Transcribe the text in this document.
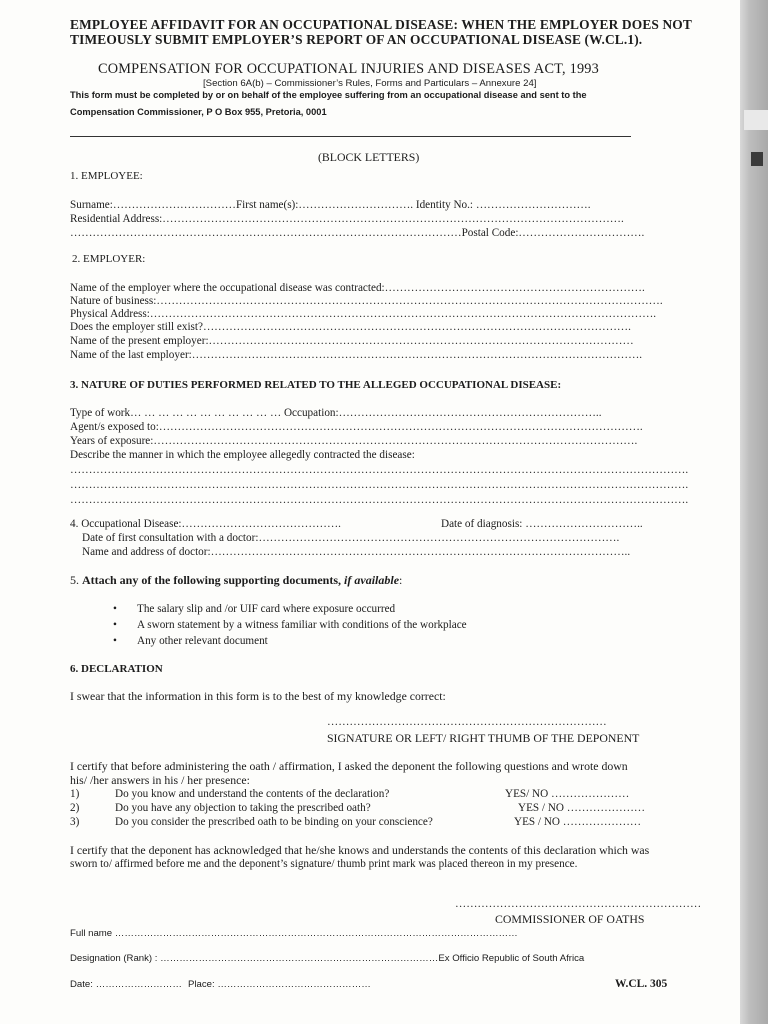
EMPLOYEE AFFIDAVIT FOR AN OCCUPATIONAL DISEASE: WHEN THE EMPLOYER DOES NOT
TIMEOUSLY SUBMIT EMPLOYER’S REPORT OF AN OCCUPATIONAL DISEASE (W.CL.1).
COMPENSATION FOR OCCUPATIONAL INJURIES AND DISEASES ACT, 1993
[Section 6A(b) – Commissioner’s Rules, Forms and Particulars – Annexure 24]
This form must be completed by or on behalf of the employee suffering from an occupational disease and sent to the
Compensation Commissioner, P O Box 955, Pretoria, 0001
(BLOCK LETTERS)
1. EMPLOYEE:
Surname:……………………………First name(s):…………………………. Identity No.: ………………………….
Residential Address:…………………………………………………………………………………………………………….
……………………………………………………………………………………………Postal Code:…………………………….
2. EMPLOYER:
Name of the employer where the occupational disease was contracted:…………………………………………………………….
Nature of business:……………………………………………………………………………………………………………………….
Physical Address:……………………………………………………………………………………………………………………….
Does the employer still exist?…………………………………………………………………………………………………….
Name of the present employer:……………………………………………………………………………………………………
Name of the last employer:………………………………………………………………………………………………………….
3. NATURE OF DUTIES PERFORMED RELATED TO THE ALLEGED OCCUPATIONAL DISEASE:
Type of work… … … … … … … … … … … Occupation:……………………………………………………………..
Agent/s exposed to:………………………………………………………………………………………………………………….
Years of exposure:………………………………………………………………………………………………………………….
Describe the manner in which the employee allegedly contracted the disease:
………………………………………………………………………………………………………………………………………………….
………………………………………………………………………………………………………………………………………………….
………………………………………………………………………………………………………………………………………………….
4. Occupational Disease:…………………………………….	Date of diagnosis: …………………………..
Date of first consultation with a doctor:…………………………………………………………………………………….
Name and address of doctor:…………………………………………………………………………………………………..
5. Attach any of the following supporting documents, if available:
• The salary slip and /or UIF card where exposure occurred
• A sworn statement by a witness familiar with conditions of the workplace
• Any other relevant document
6. DECLARATION
I swear that the information in this form is to the best of my knowledge correct:
…………………………………………………………………
SIGNATURE OR LEFT/ RIGHT THUMB OF THE DEPONENT
I certify that before administering the oath / affirmation, I asked the deponent the following questions and wrote down
his/ /her answers in his / her presence:
1)	Do you know and understand the contents of the declaration?	YES/ NO …………………
2)	Do you have any objection to taking the prescribed oath?	YES / NO …………………
3)	Do you consider the prescribed oath to be binding on your conscience?	YES / NO …………………
I certify that the deponent has acknowledged that he/she knows and understands the contents of this declaration which was
sworn to/ affirmed before me and the deponent’s signature/ thumb print mark was placed thereon in my presence.
…………………………………………………………
COMMISSIONER OF OATHS
Full name ………………………………………………………………………………………………………………
Designation (Rank) : ……………………………………………………………………………Ex Officio Republic of South Africa
Date: ……………………… Place: …………………………………………	W.CL. 305
